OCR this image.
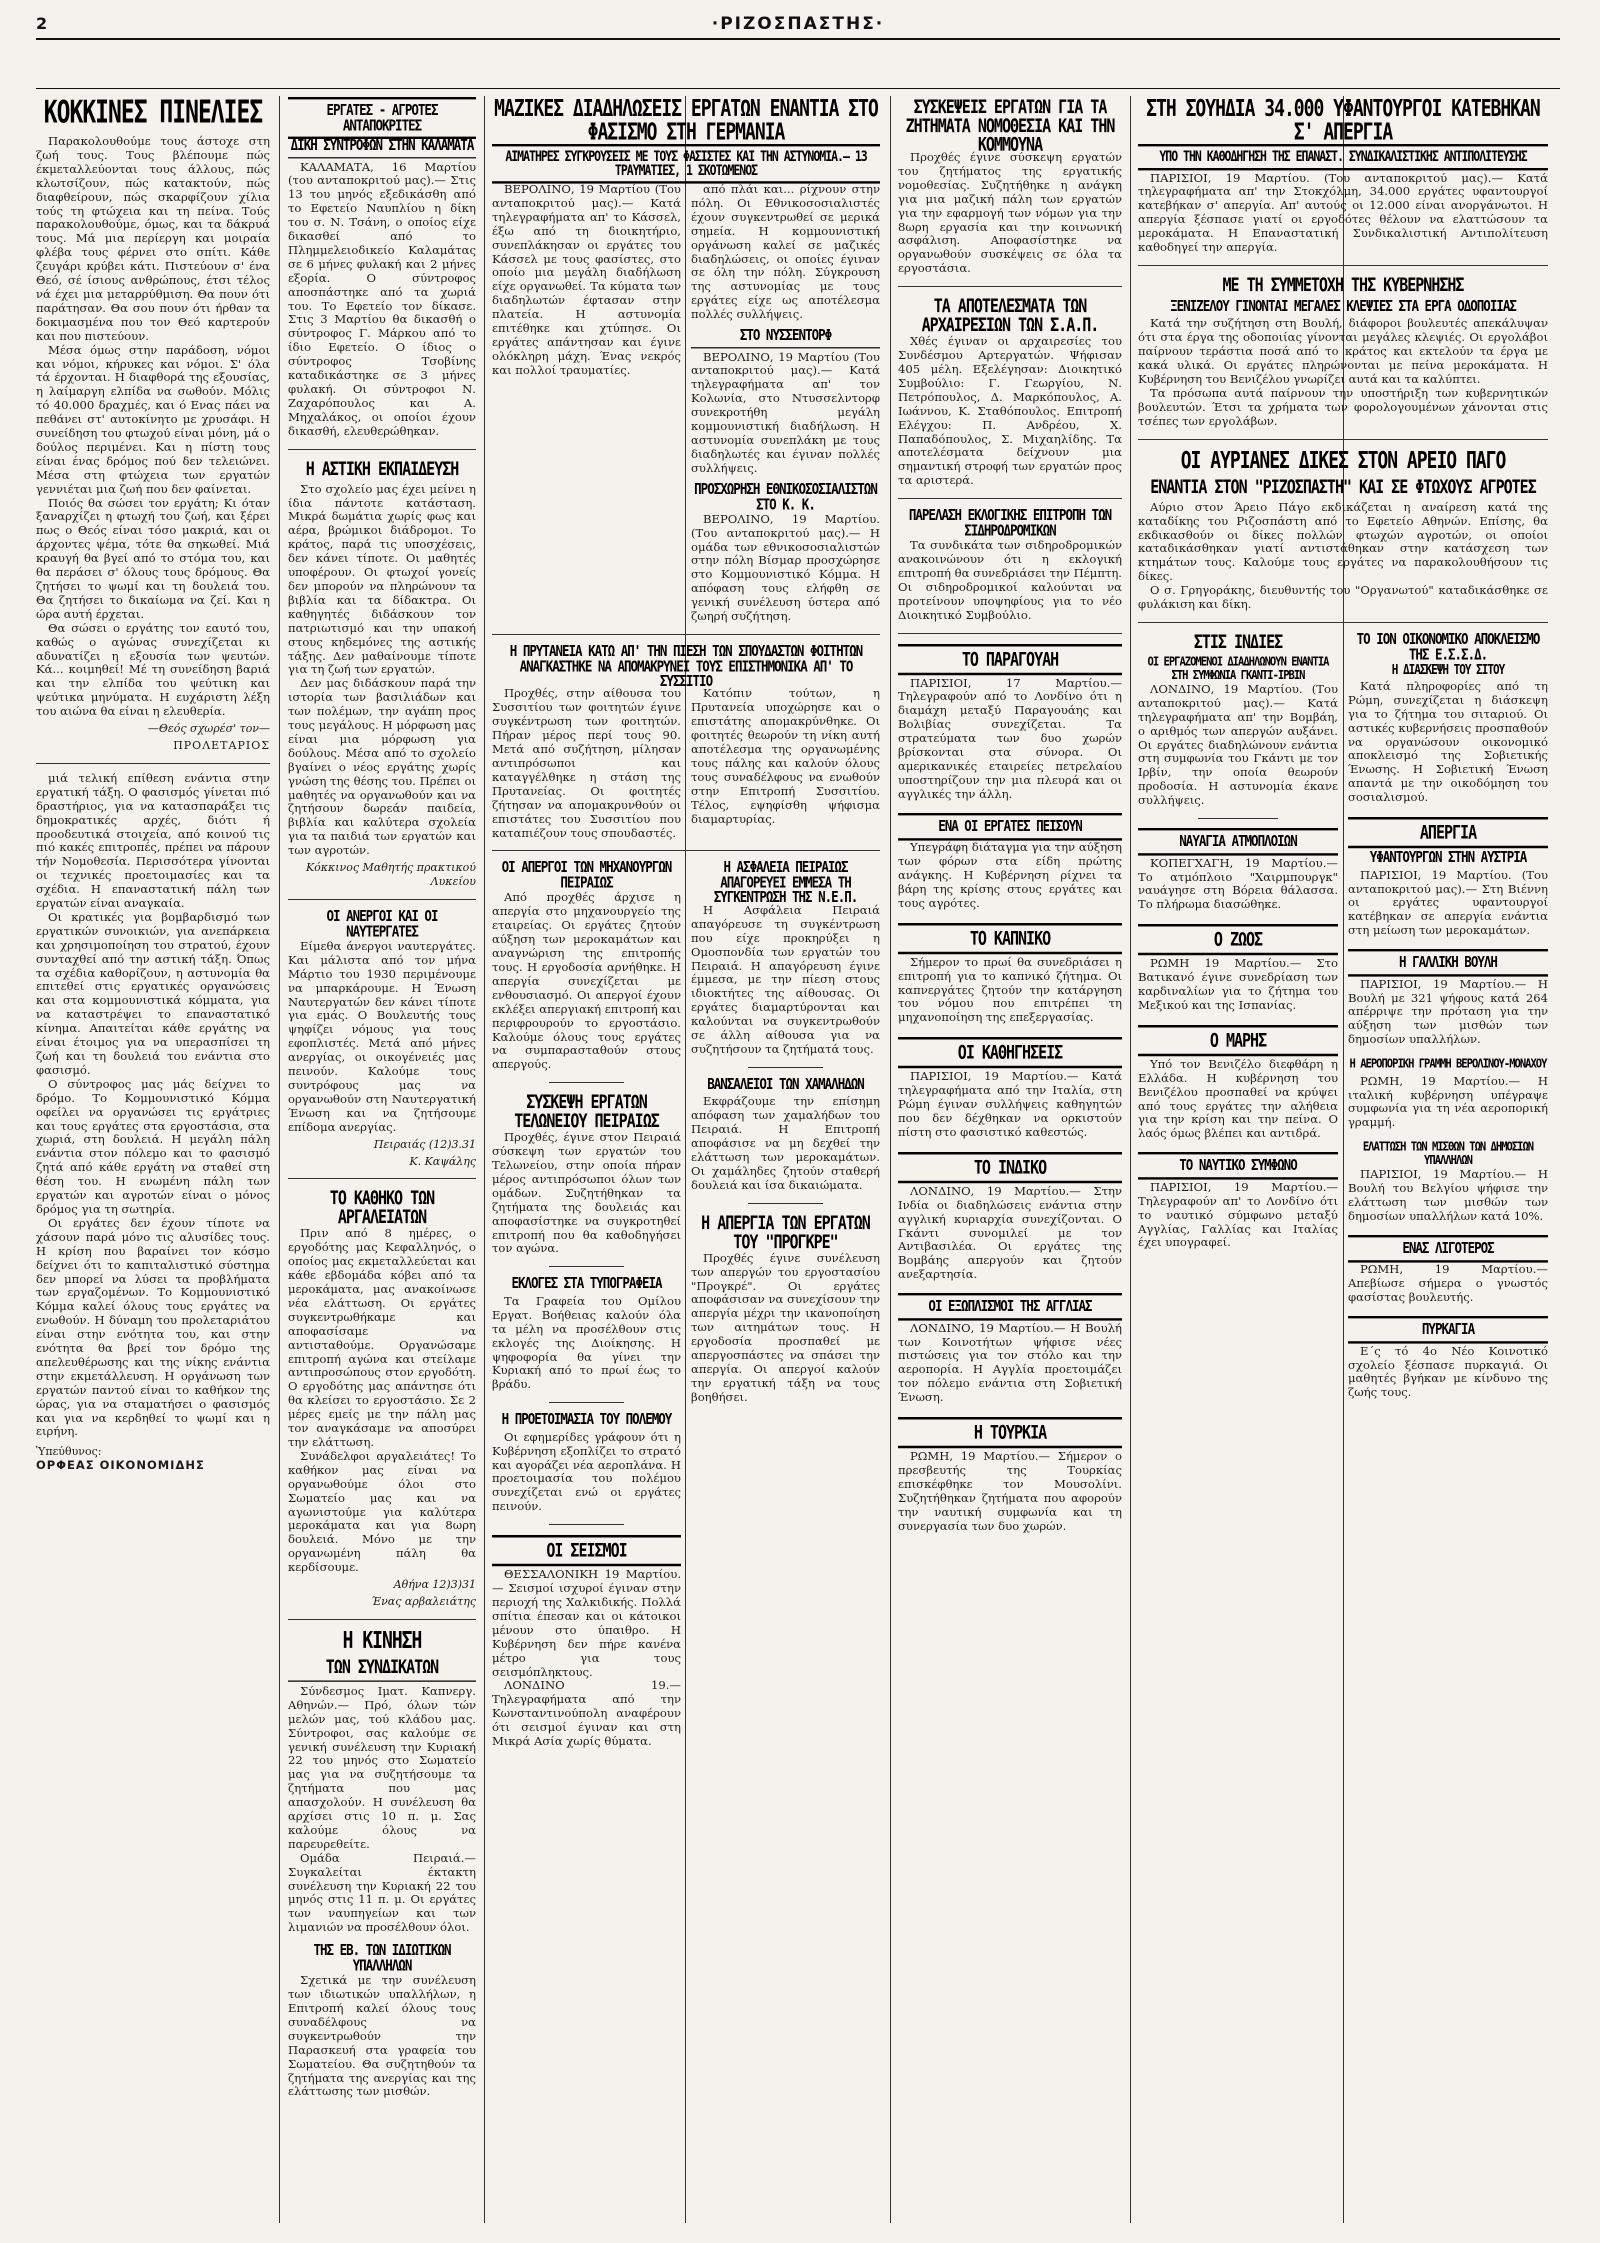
2	·ΡΙΖΟΣΠΑΣΤΗΣ·
ΚΟΚΚΙΝΕΣ ΠΙΝΕΛΙΕΣ

Παρακολουθούμε τους άστοχε στη ζωή τους. Τους βλέπουμε πώς έκμεταλλεύονται τους άλλους, πώς κλωτσίζουν, πώς κατακτούν, πώς διαφθείρουν, πώς σκαρφίζουν χίλια τούς τη φτώχεια και τη πείνα. Τούς παρακολουθούμε, όμως, και τα δάκρυά τους. Μά μια περίεργη και μοιραία φλέβα τους φέρνει στο σπίτι. Κάθε ζευγάρι κρύβει κάτι. Πιστεύουν σ' ένα Θεό, σέ ίσιους ανθρώπους, έτσι τέλος νά έχει μια μεταρρύθμιση. Θα πουν ότι παράτησαν. Θα σου πουν ότι ήρθαν τα δοκιμασμένα που τον Θεό καρτερούν και που πιστεύουν.

Μέσα όμως στην παράδοση, νόμοι και νόμοι, κήρυκες και νόμοι. Σ' όλα τά έρχονται. Η διαφθορά της εξουσίας, η λαίμαργη ελπίδα να σωθούν. Μόλις τό 40.000 δραχμές, και ό Ενας πάει να πεθάνει στ' αυτοκίνητο με χρυσάφι. Η συνείδηση του φτωχού είναι μόνη, μά ο δούλος περιμένει. Και η πίστη τους είναι ένας δρόμος πού δεν τελειώνει. Μέσα στη φτώχεια των εργατών γεννιέται μια ζωή που δεν φαίνεται.

Ποιός θα σώσει τον εργάτη; Κι όταν ξαναρχίζει η φτωχή του ζωή, και ξέρει πως ο Θεός είναι τόσο μακριά, και οι άρχοντες ψέμα, τότε θα σηκωθεί. Μιά κραυγή θα βγεί από το στόμα του, και θα περάσει σ' όλους τους δρόμους. Θα ζητήσει το ψωμί και τη δουλειά του. Θα ζητήσει το δικαίωμα να ζεί. Και η ώρα αυτή έρχεται.

Θα σώσει ο εργάτης τον εαυτό του, καθώς ο αγώνας συνεχίζεται κι αδυνατίζει η εξουσία των ψευτών. Κά... κοιμηθεί! Μέ τη συνείδηση βαριά και την ελπίδα του ψεύτικη και ψεύτικα μηνύματα. Η ευχάριστη λέξη του αιώνα θα είναι η ελευθερία.

—Θεός σχωρέσ' τον—
ΠΡΟΛΕΤΑΡΙΟΣ

μιά τελική επίθεση ενάντια στην εργατική τάξη. Ο φασισμός γίνεται πιό δραστήριος, για να κατασπαράξει τις δημοκρατικές αρχές, διότι ή προοδευτικά στοιχεία, από κοινού τις πιό κακές επιτροπές, πρέπει να πάρουν τήν Νομοθεσία. Περισσότερα γίνονται οι τεχνικές προετοιμασίες και τα σχέδια. Η επαναστατική πάλη των εργατών είναι αναγκαία.

Οι κρατικές για βομβαρδισμό των εργατικών συνοικιών, για ανεπάρκεια και χρησιμοποίηση του στρατού, έχουν συνταχθεί από την αστική τάξη. Όπως τα σχέδια καθορίζουν, η αστυνομία θα επιτεθεί στις εργατικές οργανώσεις και στα κομμουνιστικά κόμματα, για να καταστρέψει το επαναστατικό κίνημα. Απαιτείται κάθε εργάτης να είναι έτοιμος για να υπερασπίσει τη ζωή και τη δουλειά του ενάντια στο φασισμό.

Ο σύντροφος μας μάς δείχνει το δρόμο. Το Κομμουνιστικό Κόμμα οφείλει να οργανώσει τις εργάτριες και τους εργάτες στα εργοστάσια, στα χωριά, στη δουλειά. Η μεγάλη πάλη ενάντια στον πόλεμο και το φασισμό ζητά από κάθε εργάτη να σταθεί στη θέση του. Η ενωμένη πάλη των εργατών και αγροτών είναι ο μόνος δρόμος για τη σωτηρία.

Οι εργάτες δεν έχουν τίποτε να χάσουν παρά μόνο τις αλυσίδες τους. Η κρίση που βαραίνει τον κόσμο δείχνει ότι το καπιταλιστικό σύστημα δεν μπορεί να λύσει τα προβλήματα των εργαζομένων. Το Κομμουνιστικό Κόμμα καλεί όλους τους εργάτες να ενωθούν. Η δύναμη του προλεταριάτου είναι στην ενότητα του, και στην ενότητα θα βρεί τον δρόμο της απελευθέρωσης και της νίκης ενάντια στην εκμετάλλευση. Η οργάνωση των εργατών παντού είναι το καθήκον της ώρας, για να σταματήσει ο φασισμός και για να κερδηθεί το ψωμί και η ειρήνη.

Ὑπεύθυνος:
ΟΡΦΕΑΣ ΟΙΚΟΝΟΜΙΔΗΣ
ΕΡΓΑΤΕΣ - ΑΓΡΟΤΕΣ ΑΝΤΑΠΟΚΡΙΤΕΣ
ΔΙΚΗ ΣΥΝΤΡΟΦΩΝ ΣΤΗΝ ΚΑΛΑΜΑΤΑ

ΚΑΛΑΜΑΤΑ, 16 Μαρτίου (του ανταποκριτού μας).— Στις 13 του μηνός εξεδικάσθη από το Εφετείο Ναυπλίου η δίκη του σ. Ν. Τσάνη, ο οποίος είχε δικασθεί από το Πλημμελειοδικείο Καλαμάτας σε 6 μήνες φυλακή και 2 μήνες εξορία. Ο σύντροφος αποσπάστηκε από τα χωριά του. Το Εφετείο τον δίκασε. Στις 3 Μαρτίου θα δικασθή ο σύντροφος Γ. Μάρκου από το ίδιο Εφετείο. Ο ίδιος ο σύντροφος Τσοβίνης καταδικάστηκε σε 3 μήνες φυλακή. Οι σύντροφοι Ν. Ζαχαρόπουλος και Α. Μηχαλάκος, οι οποίοι έχουν δικασθή, ελευθερώθηκαν.

Η ΑΣΤΙΚΗ ΕΚΠΑΙΔΕΥΣΗ

Στο σχολείο μας έχει μείνει η ίδια πάντοτε κατάσταση. Μικρά δωμάτια χωρίς φως και αέρα, βρώμικοι διάδρομοι. Το κράτος, παρά τις υποσχέσεις, δεν κάνει τίποτε. Οι μαθητές υποφέρουν. Οι φτωχοί γονείς δεν μπορούν να πληρώνουν τα βιβλία και τα δίδακτρα. Οι καθηγητές διδάσκουν τον πατριωτισμό και την υπακοή στους κηδεμόνες της αστικής τάξης. Δεν μαθαίνουμε τίποτε για τη ζωή των εργατών.

Δεν μας διδάσκουν παρά την ιστορία των βασιλιάδων και των πολέμων, την αγάπη προς τους μεγάλους. Η μόρφωση μας είναι μια μόρφωση για δούλους. Μέσα από το σχολείο βγαίνει ο νέος εργάτης χωρίς γνώση της θέσης του. Πρέπει οι μαθητές να οργανωθούν και να ζητήσουν δωρεάν παιδεία, βιβλία και καλύτερα σχολεία για τα παιδιά των εργατών και των αγροτών.

Κόκκινος Μαθητής πρακτικού Λυκείου
ΟΙ ΑΝΕΡΓΟΙ ΚΑΙ ΟΙ ΝΑΥΤΕΡΓΑΤΕΣ

Είμεθα άνεργοι ναυτεργάτες. Και μάλιστα από τον μήνα Μάρτιο του 1930 περιμένουμε να μπαρκάρουμε. Η Ένωση Ναυτεργατών δεν κάνει τίποτε για εμάς. Ο Βουλευτής τους ψηφίζει νόμους για τους εφοπλιστές. Μετά από μήνες ανεργίας, οι οικογένειές μας πεινούν. Καλούμε τους συντρόφους μας να οργανωθούν στη Ναυτεργατική Ένωση και να ζητήσουμε επίδομα ανεργίας.

Πειραιάς (12)3.31
Κ. Καψάλης
ΤΟ ΚΑΘΗΚΟ ΤΩΝ ΑΡΓΑΛΕΙΑΤΩΝ

Πριν από 8 ημέρες, ο εργοδότης μας Κεφαλληνός, ο οποίος μας εκμεταλλεύεται και κάθε εβδομάδα κόβει από τα μεροκάματα, μας ανακοίνωσε νέα ελάττωση. Οι εργάτες συγκεντρωθήκαμε και αποφασίσαμε να αντισταθούμε. Οργανώσαμε επιτροπή αγώνα και στείλαμε αντιπροσώπους στον εργοδότη. Ο εργοδότης μας απάντησε ότι θα κλείσει το εργοστάσιο. Σε 2 μέρες εμείς με την πάλη μας τον αναγκάσαμε να αποσύρει την ελάττωση.

Συνάδελφοι αργαλειάτες! Το καθήκον μας είναι να οργανωθούμε όλοι στο Σωματείο μας και να αγωνιστούμε για καλύτερα μεροκάματα και για 8ωρη δουλειά. Μόνο με την οργανωμένη πάλη θα κερδίσουμε.

Αθήνα 12)3)31
Ένας αρβαλειάτης
Η ΚΙΝΗΣΗ
ΤΩΝ ΣΥΝΔΙΚΑΤΩΝ

Σύνδεσμος Ιματ. Καπνεργ. Αθηνών.— Πρό, όλων τών μελών μας, τού κλάδου μας. Σύντροφοι, σας καλούμε σε γενική συνέλευση την Κυριακή 22 του μηνός στο Σωματείο μας για να συζητήσουμε τα ζητήματα που μας απασχολούν. Η συνέλευση θα αρχίσει στις 10 π. μ. Σας καλούμε όλους να παρευρεθείτε.

Ομάδα Πειραιά.— Συγκαλείται έκτακτη συνέλευση την Κυριακή 22 του μηνός στις 11 π. μ. Οι εργάτες των ναυπηγείων και των λιμανιών να προσέλθουν όλοι.

ΤΗΣ ΕΒ. ΤΩΝ ΙΔΙΩΤΙΚΩΝ ΥΠΑΛΛΗΛΩΝ

Σχετικά με την συνέλευση των ιδιωτικών υπαλλήλων, η Επιτροπή καλεί όλους τους συναδέλφους να συγκεντρωθούν την Παρασκευή στα γραφεία του Σωματείου. Θα συζητηθούν τα ζητήματα της ανεργίας και της ελάττωσης των μισθών.

ΜΑΖΙΚΕΣ ΔΙΑΔΗΛΩΣΕΙΣ ΕΡΓΑΤΩΝ ΕΝΑΝΤΙΑ ΣΤΟ ΦΑΣΙΣΜΟ ΣΤΗ ΓΕΡΜΑΝΙΑ
ΑΙΜΑΤΗΡΕΣ ΣΥΓΚΡΟΥΣΕΙΣ ΜΕ ΤΟΥΣ ΦΑΣΙΣΤΕΣ ΚΑΙ ΤΗΝ ΑΣΤΥΝΟΜΙΑ.— 13 ΤΡΑΥΜΑΤΙΕΣ, 1 ΣΚΟΤΩΜΕΝΟΣ

ΒΕΡΟΛΙΝΟ, 19 Μαρτίου (Του ανταποκριτού μας).— Κατά τηλεγραφήματα απ' το Κάσσελ, έξω από τη διοικητήριο, συνεπλάκησαν οι εργάτες του Κάσσελ με τους φασίστες, στο οποίο μια μεγάλη διαδήλωση είχε οργανωθεί. Τα κύματα των διαδηλωτών έφτασαν στην πλατεία. Η αστυνομία επιτέθηκε και χτύπησε. Οι εργάτες απάντησαν και έγινε ολόκληρη μάχη. Ένας νεκρός και πολλοί τραυματίες.

από πλάι και... ρίχνουν στην πόλη. Οι Εθνικοσοσιαλιστές έχουν συγκεντρωθεί σε μερικά σημεία. Η κομμουνιστική οργάνωση καλεί σε μαζικές διαδηλώσεις, οι οποίες έγιναν σε όλη την πόλη. Σύγκρουση της αστυνομίας με τους εργάτες είχε ως αποτέλεσμα πολλές συλλήψεις.

ΣΤΟ ΝΥΣΣΕΝΤΟΡΦ

ΒΕΡΟΛΙΝΟ, 19 Μαρτίου (Του ανταποκριτού μας).— Κατά τηλεγραφήματα απ' τον Κολωνία, στο Ντυσσελντορφ συνεκροτήθη μεγάλη κομμουνιστική διαδήλωση. Η αστυνομία συνεπλάκη με τους διαδηλωτές και έγιναν πολλές συλλήψεις.

ΠΡΟΣΧΩΡΗΣΗ ΕΘΝΙΚΟΣΟΣΙΑΛΙΣΤΩΝ ΣΤΟ Κ. Κ.

ΒΕΡΟΛΙΝΟ, 19 Μαρτίου. (Του ανταποκριτού μας).— Η ομάδα των εθνικοσοσιαλιστών στην πόλη Βίσμαρ προσχώρησε στο Κομμουνιστικό Κόμμα. Η απόφαση τους ελήφθη σε γενική συνέλευση ύστερα από ζωηρή συζήτηση.

Η ΠΡΥΤΑΝΕΙΑ ΚΑΤΩ ΑΠ' ΤΗΝ ΠΙΕΣΗ ΤΩΝ ΣΠΟΥΔΑΣΤΩΝ ΦΟΙΤΗΤΩΝ ΑΝΑΓΚΑΣΤΗΚΕ ΝΑ ΑΠΟΜΑΚΡΥΝΕΙ ΤΟΥΣ ΕΠΙΣΤΗΜΟΝΙΚΑ ΑΠ' ΤΟ ΣΥΣΣΙΤΙΟ

Προχθές, στην αίθουσα του Συσσιτίου των φοιτητών έγινε συγκέντρωση των φοιτητών. Πήραν μέρος περί τους 90. Μετά από συζήτηση, μίλησαν αντιπρόσωποι και καταγγέλθηκε η στάση της Πρυτανείας. Οι φοιτητές ζήτησαν να απομακρυνθούν οι επιστάτες του Συσσιτίου που καταπιέζουν τους σπουδαστές.

Κατόπιν τούτων, η Πρυτανεία υποχώρησε και ο επιστάτης απομακρύνθηκε. Οι φοιτητές θεωρούν τη νίκη αυτή αποτέλεσμα της οργανωμένης τους πάλης και καλούν όλους τους συναδέλφους να ενωθούν στην Επιτροπή Συσσιτίου. Τέλος, εψηφίσθη ψήφισμα διαμαρτυρίας.

ΟΙ ΑΠΕΡΓΟΙ ΤΩΝ ΜΗΧΑΝΟΥΡΓΩΝ ΠΕΙΡΑΙΩΣ

Από προχθές άρχισε η απεργία στο μηχανουργείο της εταιρείας. Οι εργάτες ζητούν αύξηση των μεροκαμάτων και αναγνώριση της επιτροπής τους. Η εργοδοσία αρνήθηκε. Η απεργία συνεχίζεται με ενθουσιασμό. Οι απεργοί έχουν εκλέξει απεργιακή επιτροπή και περιφρουρούν το εργοστάσιο. Καλούμε όλους τους εργάτες να συμπαρασταθούν στους απεργούς.

ΣΥΣΚΕΨΗ ΕΡΓΑΤΩΝ ΤΕΛΩΝΕΙΟΥ ΠΕΙΡΑΙΩΣ

Προχθές, έγινε στον Πειραιά σύσκεψη των εργατών του Τελωνείου, στην οποία πήραν μέρος αντιπρόσωποι όλων των ομάδων. Συζητήθηκαν τα ζητήματα της δουλειάς και αποφασίστηκε να συγκροτηθεί επιτροπή που θα καθοδηγήσει τον αγώνα.

ΕΚΛΟΓΕΣ ΣΤΑ ΤΥΠΟΓΡΑΦΕΙΑ

Τα Γραφεία του Ομίλου Εργατ. Βοήθειας καλούν όλα τα μέλη να προσέλθουν στις εκλογές της Διοίκησης. Η ψηφοφορία θα γίνει την Κυριακή από το πρωί έως το βράδυ.

Η ΠΡΟΕΤΟΙΜΑΣΙΑ ΤΟΥ ΠΟΛΕΜΟΥ

Οι εφημερίδες γράφουν ότι η Κυβέρνηση εξοπλίζει το στρατό και αγοράζει νέα αεροπλάνα. Η προετοιμασία του πολέμου συνεχίζεται ενώ οι εργάτες πεινούν.

ΟΙ ΣΕΙΣΜΟΙ

ΘΕΣΣΑΛΟΝΙΚΗ 19 Μαρτίου.— Σεισμοί ισχυροί έγιναν στην περιοχή της Χαλκιδικής. Πολλά σπίτια έπεσαν και οι κάτοικοι μένουν στο ύπαιθρο. Η Κυβέρνηση δεν πήρε κανένα μέτρο για τους σεισμόπληκτους.

ΛΟΝΔΙΝΟ 19.— Τηλεγραφήματα από την Κωνσταντινούπολη αναφέρουν ότι σεισμοί έγιναν και στη Μικρά Ασία χωρίς θύματα.

Η ΑΣΦΑΛΕΙΑ ΠΕΙΡΑΙΩΣ ΑΠΑΓΟΡΕΥΕΙ ΕΜΜΕΣΑ ΤΗ ΣΥΓΚΕΝΤΡΩΣΗ ΤΗΣ Ν.Ε.Π.

Η Ασφάλεια Πειραιά απαγόρευσε τη συγκέντρωση που είχε προκηρύξει η Ομοσπονδία των εργατών του Πειραιά. Η απαγόρευση έγινε έμμεσα, με την πίεση στους ιδιοκτήτες της αίθουσας. Οι εργάτες διαμαρτύρονται και καλούνται να συγκεντρωθούν σε άλλη αίθουσα για να συζητήσουν τα ζητήματά τους.

ΒΑΝΣΑΛΕΙΟΙ ΤΩΝ ΧΑΜΑΛΗΔΩΝ

Εκφράζουμε την επίσημη απόφαση των χαμαλήδων του Πειραιά. Η Επιτροπή αποφάσισε να μη δεχθεί την ελάττωση των μεροκαμάτων. Οι χαμάληδες ζητούν σταθερή δουλειά και ίσα δικαιώματα.

Η ΑΠΕΡΓΙΑ ΤΩΝ ΕΡΓΑΤΩΝ ΤΟΥ "ΠΡΟΓΚΡΕ"

Προχθές έγινε συνέλευση των απεργών του εργοστασίου "Προγκρέ". Οι εργάτες αποφάσισαν να συνεχίσουν την απεργία μέχρι την ικανοποίηση των αιτημάτων τους. Η εργοδοσία προσπαθεί με απεργοσπάστες να σπάσει την απεργία. Οι απεργοί καλούν την εργατική τάξη να τους βοηθήσει.

ΣΥΣΚΕΨΕΙΣ ΕΡΓΑΤΩΝ ΓΙΑ ΤΑ ΖΗΤΗΜΑΤΑ ΝΟΜΟΘΕΣΙΑ ΚΑΙ ΤΗΝ ΚΟΜΜΟΥΝΑ

Προχθές έγινε σύσκεψη εργατών του ζητήματος της εργατικής νομοθεσίας. Συζητήθηκε η ανάγκη για μια μαζική πάλη των εργατών για την εφαρμογή των νόμων για την 8ωρη εργασία και την κοινωνική ασφάλιση. Αποφασίστηκε να οργανωθούν συσκέψεις σε όλα τα εργοστάσια.

ΤΑ ΑΠΟΤΕΛΕΣΜΑΤΑ ΤΩΝ ΑΡΧΑΙΡΕΣΙΩΝ ΤΩΝ Σ.Α.Π.

Χθές έγιναν οι αρχαιρεσίες του Συνδέσμου Αρτεργατών. Ψήφισαν 405 μέλη. Εξελέγησαν: Διοικητικό Συμβούλιο: Γ. Γεωργίου, Ν. Πετρόπουλος, Δ. Μαρκόπουλος, Α. Ιωάννου, Κ. Σταθόπουλος. Επιτροπή Ελέγχου: Π. Ανδρέου, Χ. Παπαδόπουλος, Σ. Μιχαηλίδης. Τα αποτελέσματα δείχνουν μια σημαντική στροφή των εργατών προς τα αριστερά.

ΠΑΡΕΛΑΣΗ ΕΚΛΟΓΙΚΗΣ ΕΠΙΤΡΟΠΗ ΤΩΝ ΣΙΔΗΡΟΔΡΟΜΙΚΩΝ

Τα συνδικάτα των σιδηροδρομικών ανακοινώνουν ότι η εκλογική επιτροπή θα συνεδριάσει την Πέμπτη. Οι σιδηροδρομικοί καλούνται να προτείνουν υποψηφίους για το νέο Διοικητικό Συμβούλιο.

ΤΟ ΠΑΡΑΓΟΥΑΗ

ΠΑΡΙΣΙΟΙ, 17 Μαρτίου.— Τηλεγραφούν από το Λονδίνο ότι η διαμάχη μεταξύ Παραγουάης και Βολιβίας συνεχίζεται. Τα στρατεύματα των δυο χωρών βρίσκονται στα σύνορα. Οι αμερικανικές εταιρείες πετρελαίου υποστηρίζουν την μια πλευρά και οι αγγλικές την άλλη.

ΕΝΑ ΟΙ ΕΡΓΑΤΕΣ ΠΕΙΣΟΥΝ

Υπεγράφη διάταγμα για την αύξηση των φόρων στα είδη πρώτης ανάγκης. Η Κυβέρνηση ρίχνει τα βάρη της κρίσης στους εργάτες και τους αγρότες.

ΤΟ ΚΑΠΝΙΚΟ

Σήμερον το πρωί θα συνεδριάσει η επιτροπή για το καπνικό ζήτημα. Οι καπνεργάτες ζητούν την κατάργηση του νόμου που επιτρέπει τη μηχανοποίηση της επεξεργασίας.

ΟΙ ΚΑΘΗΓΗΣΕΙΣ

ΠΑΡΙΣΙΟΙ, 19 Μαρτίου.— Κατά τηλεγραφήματα από την Ιταλία, στη Ρώμη έγιναν συλλήψεις καθηγητών που δεν δέχθηκαν να ορκιστούν πίστη στο φασιστικό καθεστώς.

ΤΟ ΙΝΔΙΚΟ

ΛΟΝΔΙΝΟ, 19 Μαρτίου.— Στην Ινδία οι διαδηλώσεις ενάντια στην αγγλική κυριαρχία συνεχίζονται. Ο Γκάντι συνομιλεί με τον Αντιβασιλέα. Οι εργάτες της Βομβάης απεργούν και ζητούν ανεξαρτησία.

ΟΙ ΕΞΩΠΛΙΣΜΟΙ ΤΗΣ ΑΓΓΛΙΑΣ

ΛΟΝΔΙΝΟ, 19 Μαρτίου.— Η Βουλή των Κοινοτήτων ψήφισε νέες πιστώσεις για τον στόλο και την αεροπορία. Η Αγγλία προετοιμάζει τον πόλεμο ενάντια στη Σοβιετική Ένωση.

Η ΤΟΥΡΚΙΑ

ΡΩΜΗ, 19 Μαρτίου.— Σήμερον ο πρεσβευτής της Τουρκίας επισκέφθηκε τον Μουσολίνι. Συζητήθηκαν ζητήματα που αφορούν την ναυτική συμφωνία και τη συνεργασία των δυο χωρών.

ΣΤΗ ΣΟΥΗΔΙΑ 34.000 ΥΦΑΝΤΟΥΡΓΟΙ ΚΑΤΕΒΗΚΑΝ Σ' ΑΠΕΡΓΙΑ
ΥΠΟ ΤΗΝ ΚΑΘΟΔΗΓΗΣΗ ΤΗΣ ΕΠΑΝΑΣΤ. ΣΥΝΔΙΚΑΛΙΣΤΙΚΗΣ ΑΝΤΙΠΟΛΙΤΕΥΣΗΣ

ΠΑΡΙΣΙΟΙ, 19 Μαρτίου. (Του ανταποκριτού μας).— Κατά τηλεγραφήματα απ' την Στοκχόλμη, 34.000 εργάτες υφαντουργοί κατεβήκαν σ' απεργία. Απ' αυτούς οι 12.000 είναι ανοργάνωτοι. Η απεργία ξέσπασε γιατί οι εργοδότες θέλουν να ελαττώσουν τα μεροκάματα. Η Επαναστατική Συνδικαλιστική Αντιπολίτευση καθοδηγεί την απεργία.

ΜΕ ΤΗ ΣΥΜΜΕΤΟΧΗ ΤΗΣ ΚΥΒΕΡΝΗΣΗΣ
ΞΕΝΙΖΕΛΟΥ ΓΙΝΟΝΤΑΙ ΜΕΓΑΛΕΣ ΚΛΕΨΙΕΣ ΣΤΑ ΕΡΓΑ ΟΔΟΠΟΙΙΑΣ

Κατά την συζήτηση στη Βουλή, διάφοροι βουλευτές απεκάλυψαν ότι στα έργα της οδοποιίας γίνονται μεγάλες κλεψιές. Οι εργολάβοι παίρνουν τεράστια ποσά από το κράτος και εκτελούν τα έργα με κακά υλικά. Οι εργάτες πληρώνονται με πείνα μεροκάματα. Η Κυβέρνηση του Βενιζέλου γνωρίζει αυτά και τα καλύπτει.

Τα πρόσωπα αυτά παίρνουν την υποστήριξη των κυβερνητικών βουλευτών. Έτσι τα χρήματα των φορολογουμένων χάνονται στις τσέπες των εργολάβων.

ΟΙ ΑΥΡΙΑΝΕΣ ΔΙΚΕΣ ΣΤΟΝ ΑΡΕΙΟ ΠΑΓΟ
ΕΝΑΝΤΙΑ ΣΤΟΝ "ΡΙΖΟΣΠΑΣΤΗ" ΚΑΙ ΣΕ ΦΤΩΧΟΥΣ ΑΓΡΟΤΕΣ

Αύριο στον Άρειο Πάγο εκδικάζεται η αναίρεση κατά της καταδίκης του Ριζοσπάστη από το Εφετείο Αθηνών. Επίσης, θα εκδικασθούν οι δίκες πολλών φτωχών αγροτών, οι οποίοι καταδικάσθηκαν γιατί αντιστάθηκαν στην κατάσχεση των κτημάτων τους. Καλούμε τους εργάτες να παρακολουθήσουν τις δίκες.

Ο σ. Γρηγοράκης, διευθυντής του "Οργανωτού" καταδικάσθηκε σε φυλάκιση και δίκη.

ΣΤΙΣ ΙΝΔΙΕΣ
ΟΙ ΕΡΓΑΖΟΜΕΝΟΙ ΔΙΑΔΗΛΩΝΟΥΝ ΕΝΑΝΤΙΑ ΣΤΗ ΣΥΜΦΩΝΙΑ ΓΚΑΝΤΙ-ΙΡΒΙΝ

ΛΟΝΔΙΝΟ, 19 Μαρτίου. (Του ανταποκριτού μας).— Κατά τηλεγραφήματα απ' την Βομβάη, ο αριθμός των απεργών αυξάνει. Οι εργάτες διαδηλώνουν ενάντια στη συμφωνία του Γκάντι με τον Ιρβίν, την οποία θεωρούν προδοσία. Η αστυνομία έκανε συλλήψεις.

ΝΑΥΑΓΙΑ ΑΤΜΟΠΛΟΙΩΝ

ΚΟΠΕΓΧΑΓΗ, 19 Μαρτίου.— Το ατμόπλοιο "Χαιρμπουργκ" ναυάγησε στη Βόρεια θάλασσα. Το πλήρωμα διασώθηκε.

Ο ΖΩΟΣ

ΡΩΜΗ 19 Μαρτίου.— Στο Βατικανό έγινε συνεδρίαση των καρδιναλίων για το ζήτημα του Μεξικού και της Ισπανίας.

Ο ΜΑΡΗΣ

Υπό τον Βενιζέλο διεφθάρη η Ελλάδα. Η κυβέρνηση του Βενιζέλου προσπαθεί να κρύψει από τους εργάτες την αλήθεια για την κρίση και την πείνα. Ο λαός όμως βλέπει και αντιδρά.

ΤΟ ΝΑΥΤΙΚΟ ΣΥΜΦΩΝΟ

ΠΑΡΙΣΙΟΙ, 19 Μαρτίου.— Τηλεγραφούν απ' το Λονδίνο ότι το ναυτικό σύμφωνο μεταξύ Αγγλίας, Γαλλίας και Ιταλίας έχει υπογραφεί.

ΤΟ ΙΟΝ ΟΙΚΟΝΟΜΙΚΟ ΑΠΟΚΛΕΙΣΜΟ ΤΗΣ Ε.Σ.Σ.Δ.
Η ΔΙΑΣΚΕΨΗ ΤΟΥ ΣΙΤΟΥ

Κατά πληροφορίες από τη Ρώμη, συνεχίζεται η διάσκεψη για το ζήτημα του σιταριού. Οι αστικές κυβερνήσεις προσπαθούν να οργανώσουν οικονομικό αποκλεισμό της Σοβιετικής Ένωσης. Η Σοβιετική Ένωση απαντά με την οικοδόμηση του σοσιαλισμού.

ΑΠΕΡΓΙΑ
ΥΦΑΝΤΟΥΡΓΩΝ ΣΤΗΝ ΑΥΣΤΡΙΑ

ΠΑΡΙΣΙΟΙ, 19 Μαρτίου. (Του ανταποκριτού μας).— Στη Βιέννη οι εργάτες υφαντουργοί κατέβηκαν σε απεργία ενάντια στη μείωση των μεροκαμάτων.

Η ΓΑΛΛΙΚΗ ΒΟΥΛΗ

ΠΑΡΙΣΙΟΙ, 19 Μαρτίου.— Η Βουλή με 321 ψήφους κατά 264 απέρριψε την πρόταση για την αύξηση των μισθών των δημοσίων υπαλλήλων.

Η ΑΕΡΟΠΟΡΙΚΗ ΓΡΑΜΜΗ ΒΕΡΟΛΙΝΟΥ-ΜΟΝΑΧΟΥ

ΡΩΜΗ, 19 Μαρτίου.— Η ιταλική κυβέρνηση υπέγραψε συμφωνία για τη νέα αεροπορική γραμμή.

ΕΛΑΤΤΩΣΗ ΤΩΝ ΜΙΣΘΩΝ ΤΩΝ ΔΗΜΟΣΙΩΝ ΥΠΑΛΛΗΛΩΝ

ΠΑΡΙΣΙΟΙ, 19 Μαρτίου.— Η Βουλή του Βελγίου ψήφισε την ελάττωση των μισθών των δημοσίων υπαλλήλων κατά 10%.

ΕΝΑΣ ΛΙΓΟΤΕΡΟΣ

ΡΩΜΗ, 19 Μαρτίου.— Απεβίωσε σήμερα ο γνωστός φασίστας βουλευτής.

ΠΥΡΚΑΓΙΑ

Ε΄ς τό 4ο Νέο Κοινοτικό σχολείο ξέσπασε πυρκαγιά. Οι μαθητές βγήκαν με κίνδυνο της ζωής τους.
